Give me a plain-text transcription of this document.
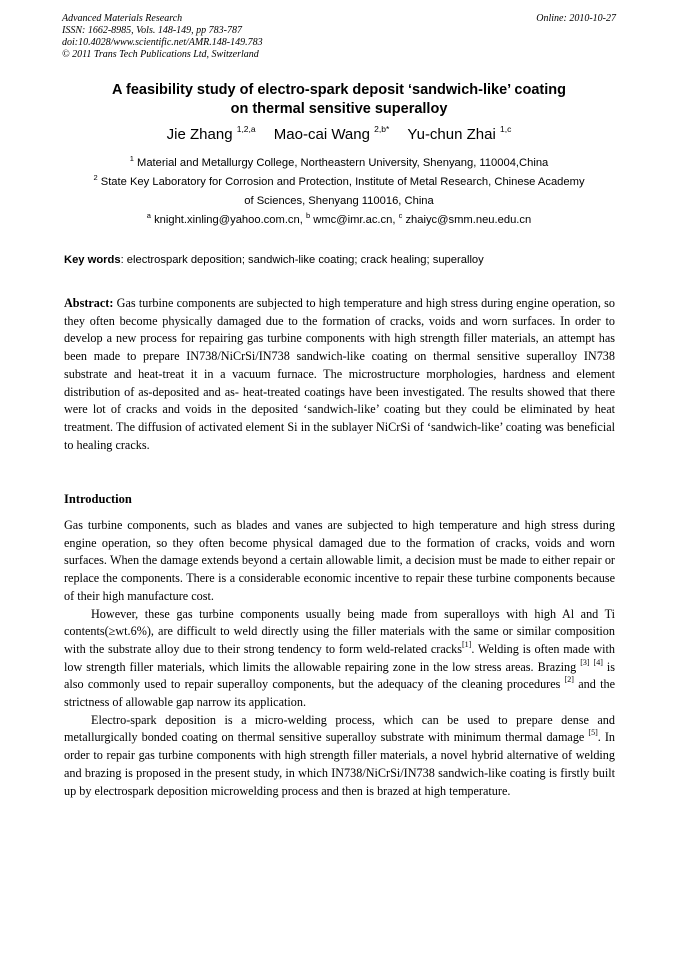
Advanced Materials Research
ISSN: 1662-8985, Vols. 148-149, pp 783-787
doi:10.4028/www.scientific.net/AMR.148-149.783
© 2011 Trans Tech Publications Ltd, Switzerland
Online: 2010-10-27
A feasibility study of electro-spark deposit ‘sandwich-like’ coating
on thermal sensitive superalloy
Jie Zhang $^{1,2,a}$ Mao-cai Wang $^{2,b*}$ Yu-chun Zhai $^{1,c}$
$^1$ Material and Metallurgy College, Northeastern University, Shenyang, 110004,China
$^2$ State Key Laboratory for Corrosion and Protection, Institute of Metal Research, Chinese Academy
of Sciences, Shenyang 110016, China
$^a$ knight.xinling@yahoo.com.cn, $^b$ wmc@imr.ac.cn, $^c$ zhaiyc@smm.neu.edu.cn
Key words: electrospark deposition; sandwich-like coating; crack healing; superalloy

Abstract: Gas turbine components are subjected to high temperature and high stress during engine operation, so they often become physically damaged due to the formation of cracks, voids and worn surfaces. In order to develop a new process for repairing gas turbine components with high strength filler materials, an attempt has been made to prepare IN738/NiCrSi/IN738 sandwich-like coating on thermal sensitive superalloy IN738 substrate and heat-treat it in a vacuum furnace. The microstructure morphologies, hardness and element distribution of as-deposited and as- heat-treated coatings have been investigated. The results showed that there were lot of cracks and voids in the deposited ‘sandwich-like’ coating but they could be eliminated by heat treatment. The diffusion of activated element Si in the sublayer NiCrSi of ‘sandwich-like’ coating was beneficial to healing cracks.

Introduction

Gas turbine components, such as blades and vanes are subjected to high temperature and high stress during engine operation, so they often become physical damaged due to the formation of cracks, voids and worn surfaces. When the damage extends beyond a certain allowable limit, a decision must be made to either repair or replace the components. There is a considerable economic incentive to repair these turbine components because of their high manufacture cost.

However, these gas turbine components usually being made from superalloys with high Al and Ti contents(≥wt.6%), are difficult to weld directly using the filler materials with the same or similar composition with the substrate alloy due to their strong tendency to form weld-related cracks[1]. Welding is often made with low strength filler materials, which limits the allowable repairing zone in the low stress areas. Brazing [3] [4] is also commonly used to repair superalloy components, but the adequacy of the cleaning procedures [2] and the strictness of allowable gap narrow its application.

Electro-spark deposition is a micro-welding process, which can be used to prepare dense and metallurgically bonded coating on thermal sensitive superalloy substrate with minimum thermal damage [5]. In order to repair gas turbine components with high strength filler materials, a novel hybrid alternative of welding and brazing is proposed in the present study, in which IN738/NiCrSi/IN738 sandwich-like coating is firstly built up by electrospark deposition microwelding process and then is brazed at high temperature.
